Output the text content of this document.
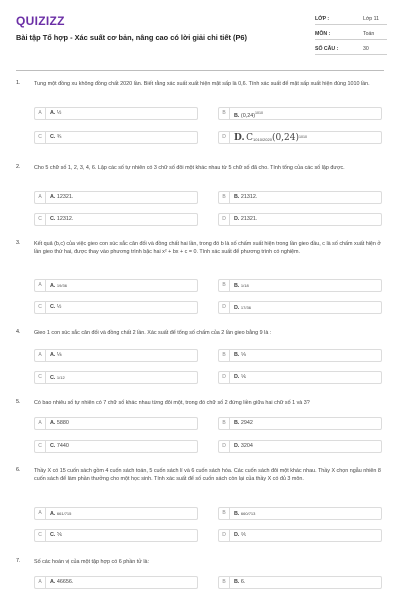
QUIZIZZ
Bài tập Tổ hợp - Xác suất cơ bản, nâng cao có lời giải chi tiết (P6)
LỚP :	Lớp 11
MÔN :	Toán
SỐ CÂU :	30
1.	Tung một đồng xu không đồng chất 2020 lần. Biết rằng xác suất xuất hiện mặt sấp là 0,6. Tính xác suất để mặt sấp xuất hiện đúng 1010 lần.
A	A. ½	B	B. $(0,24)^{1010}$
C	C. ¾	D D. $C1010/2020(0,24)^{1010}$
2.	Cho 5 chữ số 1, 2, 3, 4, 6. Lập các số tự nhiên có 3 chữ số đôi một khác nhau từ 5 chữ số đã cho. Tính tổng của các số lập được.
A	A. 12321.	B	B. 21312.
C	C. 12312.	D	D. 21321.
3.	Kết quả (b,c) của việc gieo con súc sắc cân đối và đồng chất hai lần, trong đó b là số chấm xuất hiện trong lần gieo đầu, c là số chấm xuất hiện ở lần gieo thứ hai, được thay vào phương trình bậc hai x² + bx + c = 0. Tính xác suất để phương trình có nghiệm.
A	A. 19/36	B	B. 1/18
C	C. ½	D	D. 17/36
4.	Gieo 1 con súc sắc cân đối và đồng chất 2 lần. Xác suất để tổng số chấm của 2 lần gieo bằng 9 là :
A	A. ⅛	B	B. ⅑
C	C. 1/12	D	D. ⅙
5.	Có bao nhiêu số tự nhiên có 7 chữ số khác nhau từng đôi một, trong đó chữ số 2 đứng liền giữa hai chữ số 1 và 3?
A	A. 5880	B	B. 2942
C	C. 7440	D	D. 3204
6.	Thầy X có 15 cuốn sách gồm 4 cuốn sách toán, 5 cuốn sách lí và 6 cuốn sách hóa. Các cuốn sách đôi một khác nhau. Thầy X chọn ngẫu nhiên 8 cuốn sách để làm phần thưởng cho một học sinh. Tính xác suất để số cuốn sách còn lại của thầy X có đủ 3 môn.
A	A. 661/715	B	B. 660/713
C	C. ⅚	D	D. ⅖
7.	Số các hoán vị của một tập hợp có 6 phần tử là:
A	A. 46656.	B	B. 6.
